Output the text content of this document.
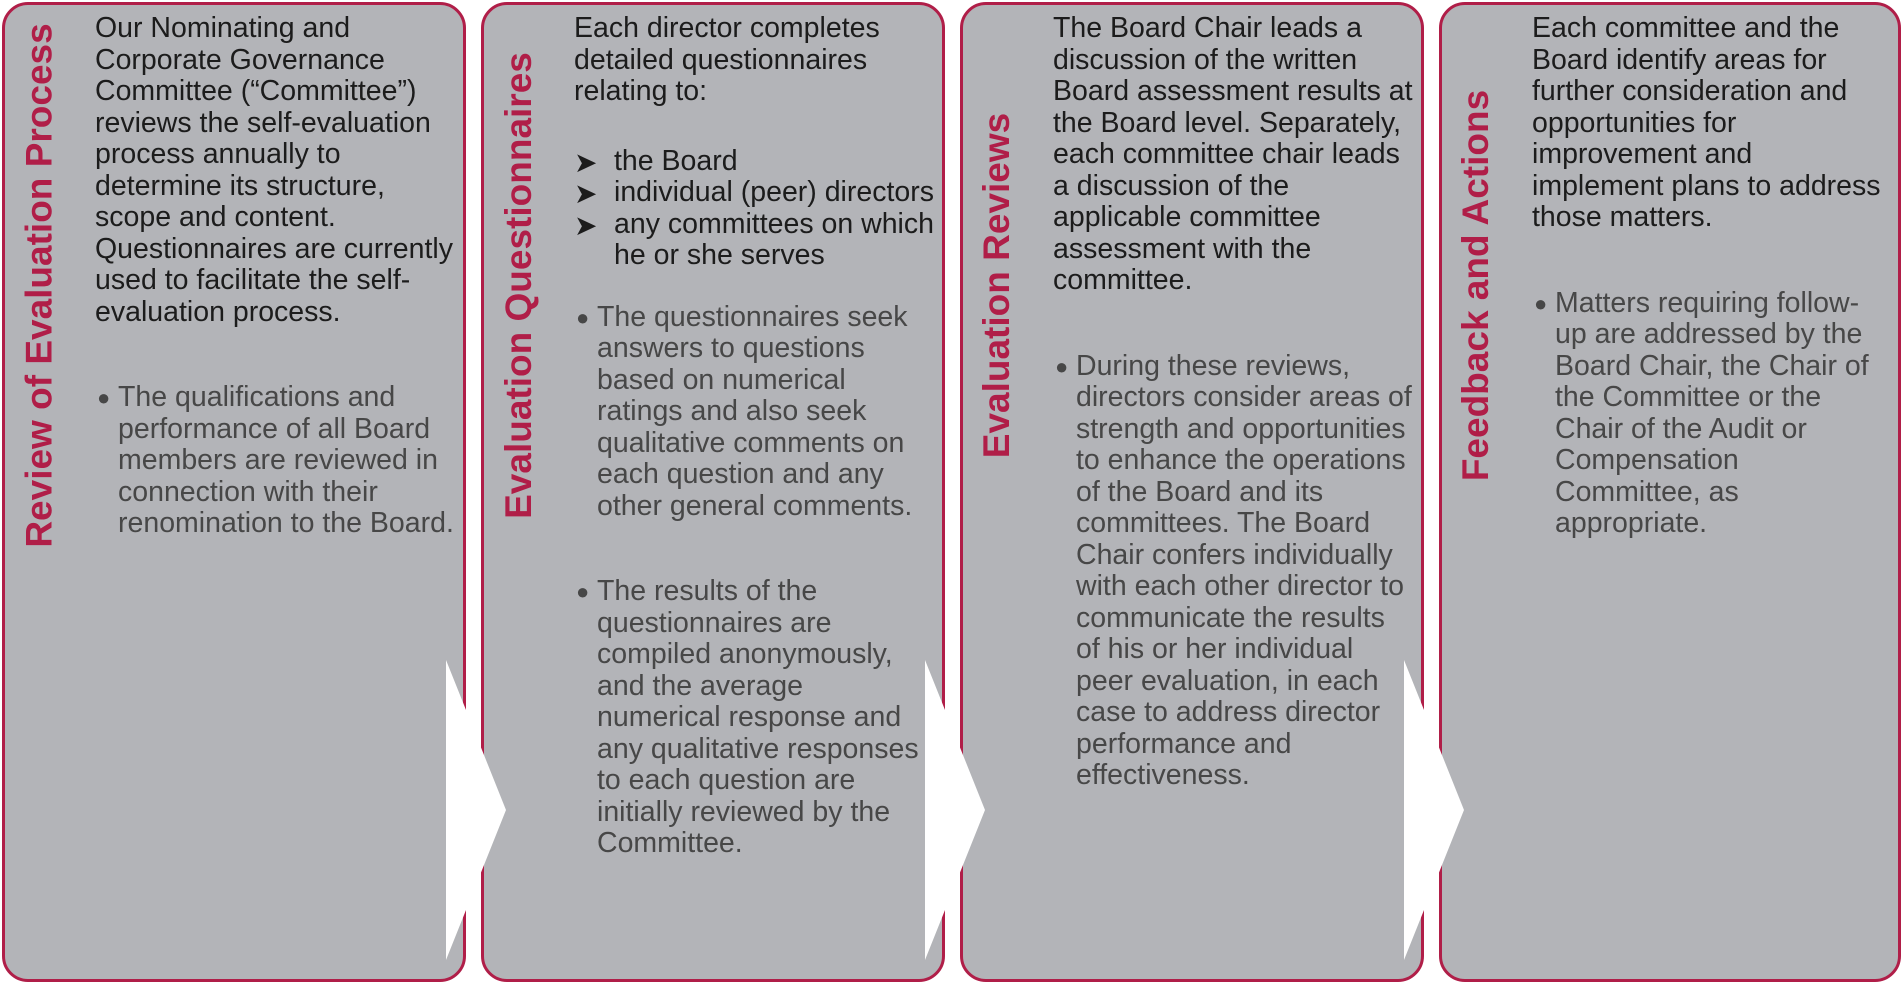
Review of Evaluation Process Our Nominating and Corporate Governance Committee (“Committee”) reviews the self-evaluation process annually to determine its structure, scope and content. Questionnaires are currently used to facilitate the self-evaluation process.

● The qualifications and performance of all Board members are reviewed in connection with their renomination to the Board.
Evaluation Questionnaires

Each director completes detailed questionnaires relating to:

➤ the Board
➤ individual (peer) directors
➤ any committees on which he or she serves
● The questionnaires seek answers to questions based on numerical ratings and also seek qualitative comments on each question and any other general comments.
● The results of the questionnaires are compiled anonymously, and the average numerical response and any qualitative responses to each question are initially reviewed by the Committee.
Evaluation Reviews

The Board Chair leads a discussion of the written Board assessment results at the Board level. Separately, each committee chair leads a discussion of the applicable committee assessment with the committee.

● During these reviews, directors consider areas of strength and opportunities to enhance the operations of the Board and its committees. The Board Chair confers individually with each other director to communicate the results of his or her individual peer evaluation, in each case to address director performance and effectiveness.
Feedback and Actions

Each committee and the Board identify areas for further consideration and opportunities for improvement and implement plans to address those matters.

● Matters requiring follow-up are addressed by the Board Chair, the Chair of the Committee or the Chair of the Audit or Compensation Committee, as appropriate.
